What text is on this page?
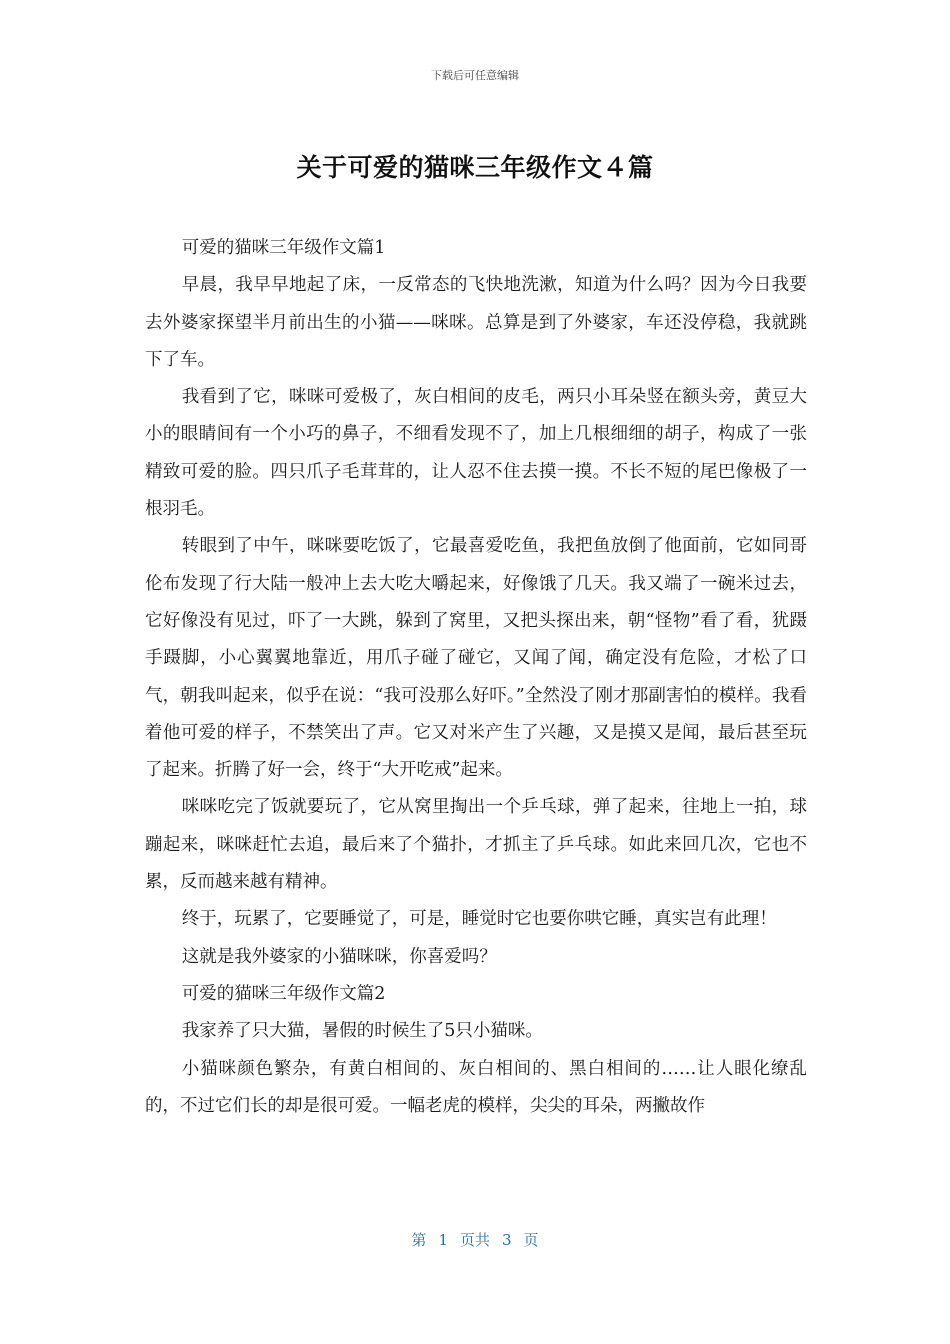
下载后可任意编辑
关于可爱的猫咪三年级作文４篇

可爱的猫咪三年级作文篇1

早晨，我早早地起了床，一反常态的飞快地洗漱，知道为什么吗？因为今日我要去外婆家探望半月前出生的小猫——咪咪。总算是到了外婆家，车还没停稳，我就跳下了车。

我看到了它，咪咪可爱极了，灰白相间的皮毛，两只小耳朵竖在额头旁，黄豆大小的眼睛间有一个小巧的鼻子，不细看发现不了，加上几根细细的胡子，构成了一张精致可爱的脸。四只爪子毛茸茸的，让人忍不住去摸一摸。不长不短的尾巴像极了一根羽毛。

转眼到了中午，咪咪要吃饭了，它最喜爱吃鱼，我把鱼放倒了他面前，它如同哥伦布发现了行大陆一般冲上去大吃大嚼起来，好像饿了几天。我又端了一碗米过去，它好像没有见过，吓了一大跳，躲到了窝里，又把头探出来，朝“怪物”看了看，犹蹑手蹑脚，小心翼翼地靠近，用爪子碰了碰它，又闻了闻，确定没有危险，才松了口气，朝我叫起来，似乎在说：“我可没那么好吓。”全然没了刚才那副害怕的模样。我看着他可爱的样子，不禁笑出了声。它又对米产生了兴趣，又是摸又是闻，最后甚至玩了起来。折腾了好一会，终于“大开吃戒”起来。

咪咪吃完了饭就要玩了，它从窝里掏出一个乒乓球，弹了起来，往地上一拍，球蹦起来，咪咪赶忙去追，最后来了个猫扑，才抓主了乒乓球。如此来回几次，它也不累，反而越来越有精神。

终于，玩累了，它要睡觉了，可是，睡觉时它也要你哄它睡，真实岂有此理！

这就是我外婆家的小猫咪咪，你喜爱吗？

可爱的猫咪三年级作文篇2

我家养了只大猫，暑假的时候生了5只小猫咪。

小猫咪颜色繁杂，有黄白相间的、灰白相间的、黑白相间的……让人眼化缭乱的，不过它们长的却是很可爱。一幅老虎的模样，尖尖的耳朵，两撇故作

第 1 页共 3 页
